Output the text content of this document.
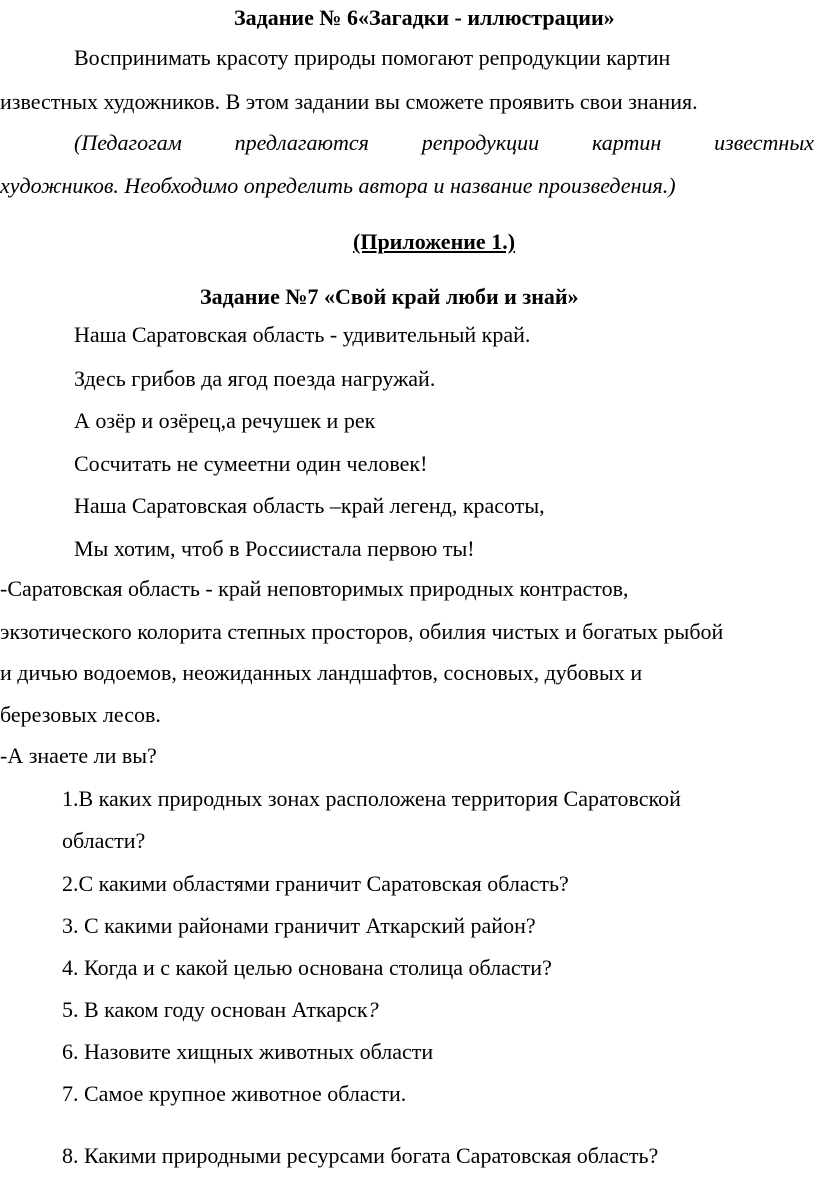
Задание № 6«Загадки - иллюстрации»
Воспринимать красоту природы помогают репродукции картин
известных художников. В этом задании вы сможете проявить свои знания.
(Педагогам предлагаются репродукции картин известных
художников. Необходимо определить автора и название произведения.)
(Приложение 1.)
Задание №7 «Свой край люби и знай»
Наша Саратовская область - удивительный край.
Здесь грибов да ягод поезда нагружай.
А озёр и озёрец,а речушек и рек
Сосчитать не сумеетни один человек!
Наша Саратовская область –край легенд, красоты,
Мы хотим, чтоб в Россиистала первою ты!
-Саратовская область - край неповторимых природных контрастов,
экзотического колорита степных просторов, обилия чистых и богатых рыбой
и дичью водоемов, неожиданных ландшафтов, сосновых, дубовых и
березовых лесов.
-А знаете ли вы?
1.В каких природных зонах расположена территория Саратовской
области?
2.С какими областями граничит Саратовская область?
3. С какими районами граничит Аткарский район?
4. Когда и с какой целью основана столица области?
5. В каком году основан Аткарск?
6. Назовите хищных животных области
7. Самое крупное животное области.
8. Какими природными ресурсами богата Саратовская область?
